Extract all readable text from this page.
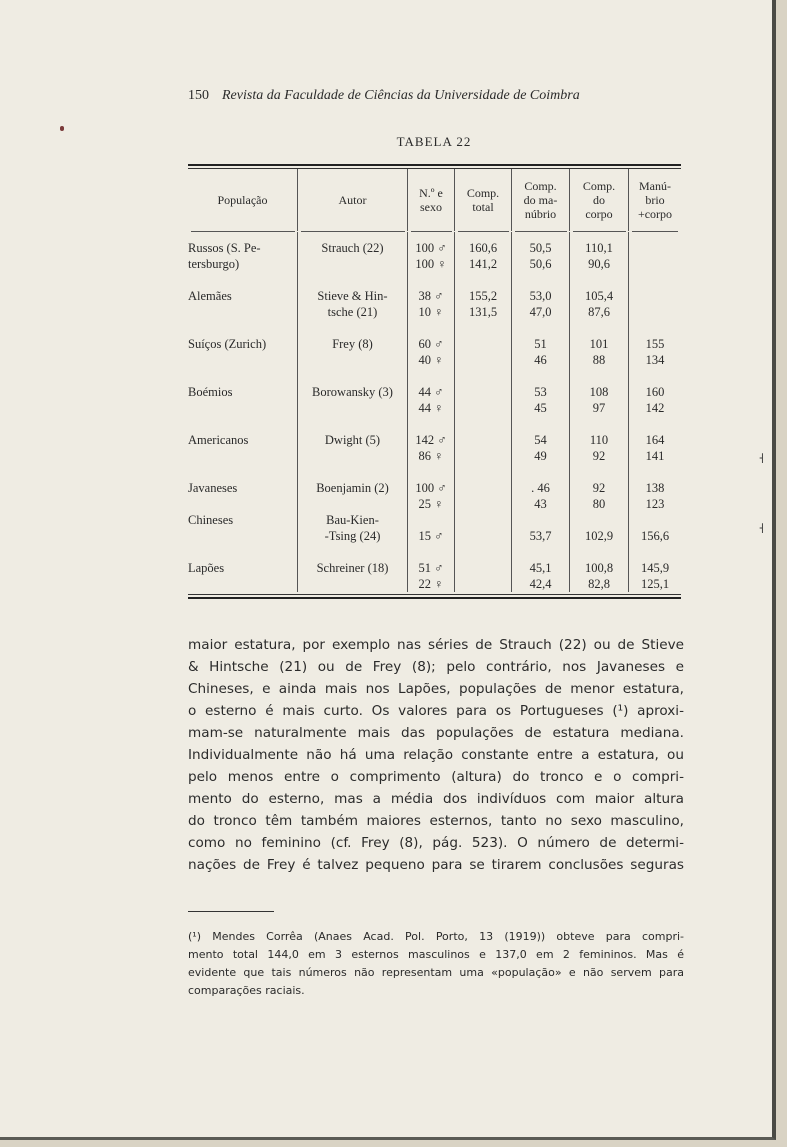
˧
˧
150 Revista da Faculdade de Ciências da Universidade de Coimbra
TABELA 22
População	Autor	N.º e
sexo
Comp.
total
Comp.
do ma-
núbrio
Comp.
do
corpo
Manú-
brio
+corpo
Russos (S. Pe-
tersburgo)

Alemães

Suíços (Zurich)

Boémios

Americanos

Javaneses

Chineses

Lapões

Strauch (22)

Stieve & Hin-
tsche (21)

Frey (8)

Borowansky (3)

Dwight (5)

Boenjamin (2)

Bau-Kien-
-Tsing (24)

Schreiner (18)

100 ♂
100 ♀

38 ♂
10 ♀

60 ♂
40 ♀

44 ♂
44 ♀

142 ♂
86 ♀

100 ♂
25 ♀

15 ♂

51 ♂
22 ♀
160,6
141,2

155,2
131,5

50,5
50,6

53,0
47,0

51
46

53
45

54
49

. 46
43

53,7

45,1
42,4
110,1
90,6

105,4
87,6

101
88

108
97

110
92

92
80

102,9

100,8
82,8

155
134

160
142

164
141

138
123

156,6

145,9
125,1
maior estatura, por exemplo nas séries de Strauch (22) ou de Stieve
& Hintsche (21) ou de Frey (8); pelo contrário, nos Javaneses e
Chineses, e ainda mais nos Lapões, populações de menor estatura,
o esterno é mais curto. Os valores para os Portugueses (¹) aproxi-
mam-se naturalmente mais das populações de estatura mediana.
Individualmente não há uma relação constante entre a estatura, ou
pelo menos entre o comprimento (altura) do tronco e o compri-
mento do esterno, mas a média dos indivíduos com maior altura
do tronco têm também maiores esternos, tanto no sexo masculino,
como no feminino (cf. Frey (8), pág. 523). O número de determi-
nações de Frey é talvez pequeno para se tirarem conclusões seguras
(¹) Mendes Corrêa (Anaes Acad. Pol. Porto, 13 (1919)) obteve para compri-
mento total 144,0 em 3 esternos masculinos e 137,0 em 2 femininos. Mas é
evidente que tais números não representam uma «população» e não servem para
comparações raciais.
